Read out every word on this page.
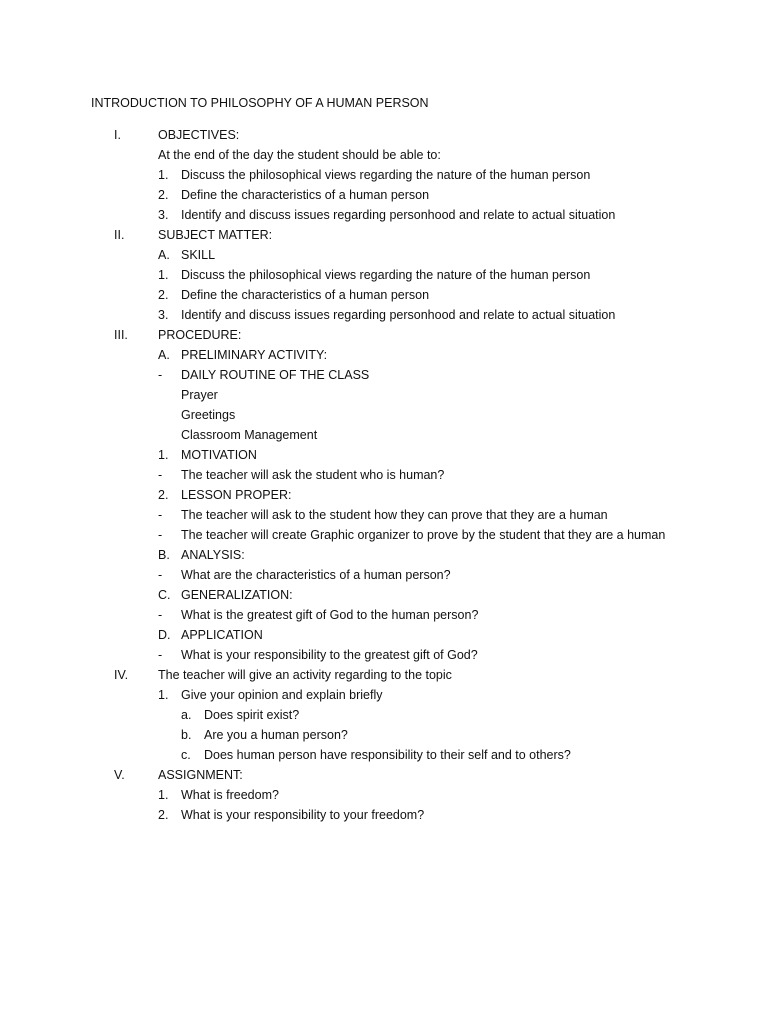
INTRODUCTION TO PHILOSOPHY OF A HUMAN PERSON
I.	OBJECTIVES:
At the end of the day the student should be able to:
1. Discuss the philosophical views regarding the nature of the human person
2. Define the characteristics of a human person
3. Identify and discuss issues regarding personhood and relate to actual situation
II.	SUBJECT MATTER:
A. SKILL
1. Discuss the philosophical views regarding the nature of the human person
2. Define the characteristics of a human person
3. Identify and discuss issues regarding personhood and relate to actual situation
III. PROCEDURE:
A. PRELIMINARY ACTIVITY:
- DAILY ROUTINE OF THE CLASS
Prayer
Greetings
Classroom Management
1. MOTIVATION
- The teacher will ask the student who is human?
2. LESSON PROPER:
- The teacher will ask to the student how they can prove that they are a human
- The teacher will create Graphic organizer to prove by the student that they are a human
B. ANALYSIS:
- What are the characteristics of a human person?
C. GENERALIZATION:
- What is the greatest gift of God to the human person?
D. APPLICATION
- What is your responsibility to the greatest gift of God?
IV. The teacher will give an activity regarding to the topic
1. Give your opinion and explain briefly
a. Does spirit exist?
b. Are you a human person?
c. Does human person have responsibility to their self and to others?
V.	ASSIGNMENT:
1. What is freedom?
2. What is your responsibility to your freedom?
